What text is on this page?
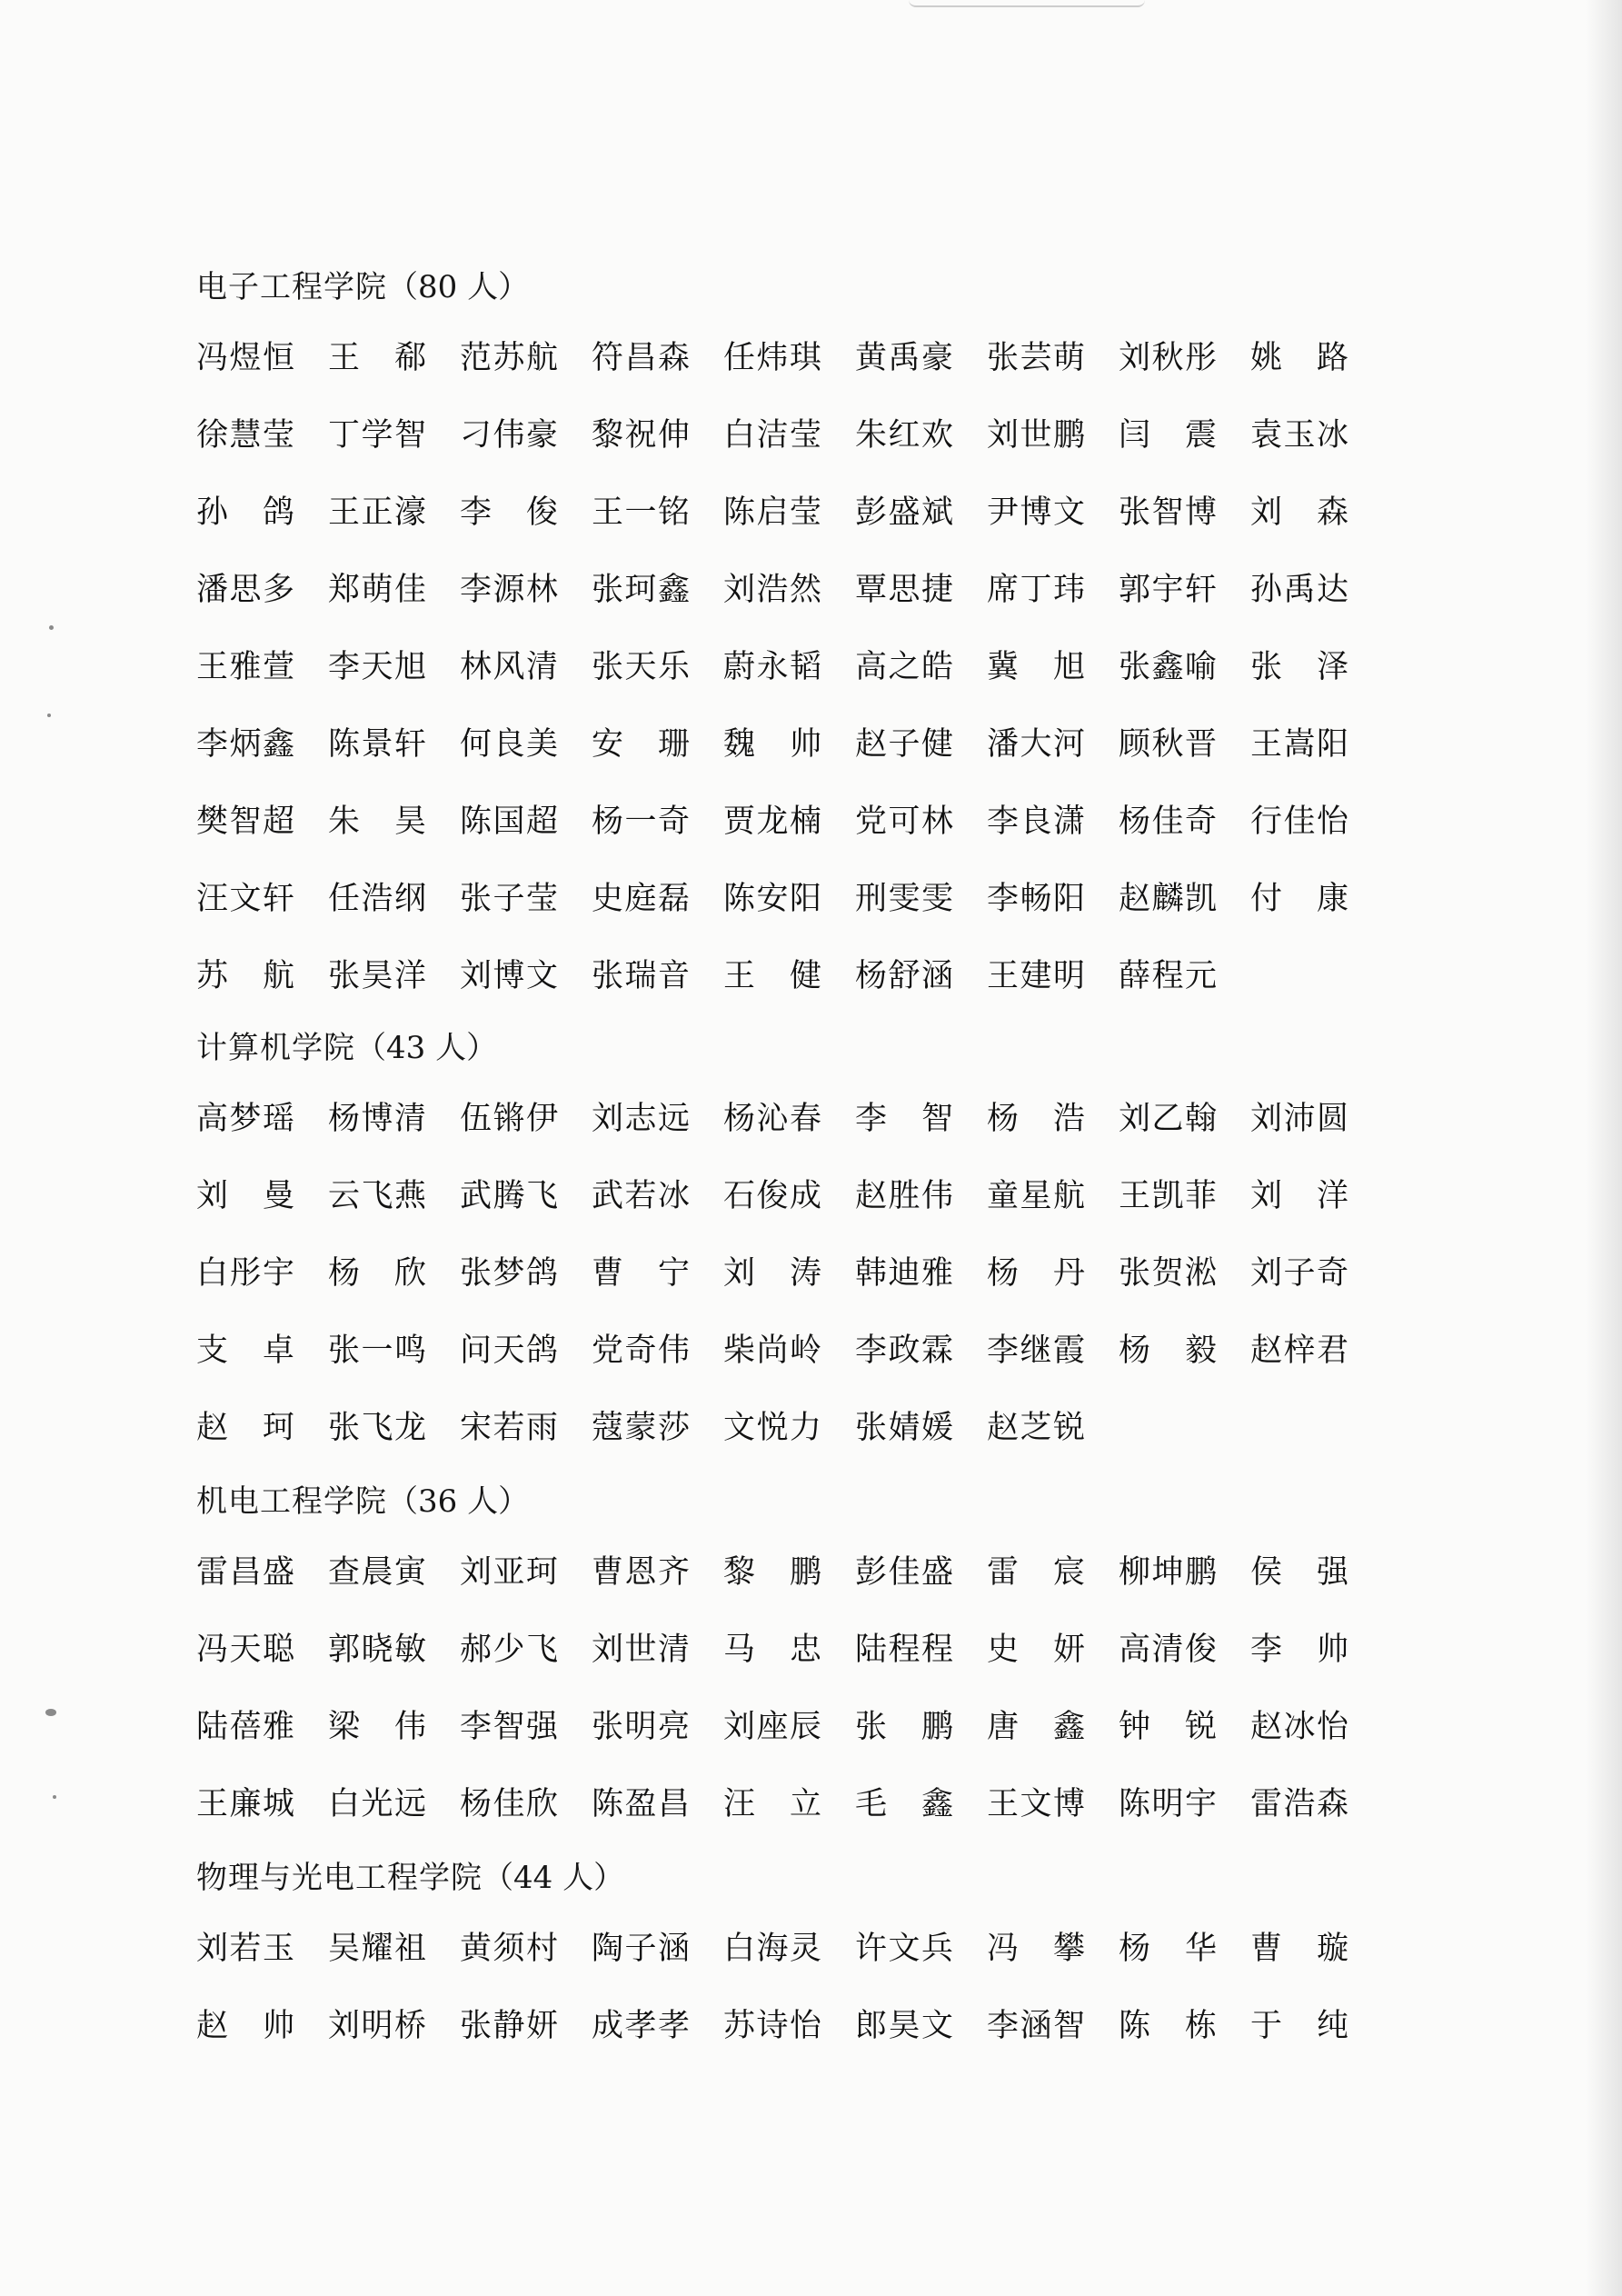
电子工程学院（80 人）
冯煜恒 王 郗 范苏航 符昌森 任炜琪 黄禹豪 张芸萌 刘秋彤 姚 路
徐慧莹 丁学智 刁伟豪 黎祝伸 白洁莹 朱红欢 刘世鹏 闫 震 袁玉冰
孙 鸽 王正濠 李 俊 王一铭 陈启莹 彭盛斌 尹博文 张智博 刘 森
潘思多 郑萌佳 李源林 张珂鑫 刘浩然 覃思捷 席丁玮 郭宇轩 孙禹达
王雅萱 李天旭 林风清 张天乐 蔚永韬 高之皓 冀 旭 张鑫喻 张 泽
李炳鑫 陈景轩 何良美 安 珊 魏 帅 赵子健 潘大河 顾秋晋 王嵩阳
樊智超 朱 昊 陈国超 杨一奇 贾龙楠 党可林 李良潇 杨佳奇 行佳怡
汪文轩 任浩纲 张子莹 史庭磊 陈安阳 刑雯雯 李畅阳 赵麟凯 付 康
苏 航 张昊洋 刘博文 张瑞音 王 健 杨舒涵 王建明 薛程元
计算机学院（43 人）
高梦瑶 杨博清 伍锵伊 刘志远 杨沁春 李 智 杨 浩 刘乙翰 刘沛圆
刘 曼 云飞燕 武腾飞 武若冰 石俊成 赵胜伟 童星航 王凯菲 刘 洋
白彤宇 杨 欣 张梦鸽 曹 宁 刘 涛 韩迪雅 杨 丹 张贺淞 刘子奇
支 卓 张一鸣 问天鸽 党奇伟 柴尚岭 李政霖 李继霞 杨 毅 赵梓君
赵 珂 张飞龙 宋若雨 蔻蒙莎 文悦力 张婧媛 赵芝锐
机电工程学院（36 人）
雷昌盛 查晨寅 刘亚珂 曹恩齐 黎 鹏 彭佳盛 雷 宸 柳坤鹏 侯 强
冯天聪 郭晓敏 郝少飞 刘世清 马 忠 陆程程 史 妍 高清俊 李 帅
陆蓓雅 梁 伟 李智强 张明亮 刘座辰 张 鹏 唐 鑫 钟 锐 赵冰怡
王廉城 白光远 杨佳欣 陈盈昌 汪 立 毛 鑫 王文博 陈明宇 雷浩森
物理与光电工程学院（44 人）
刘若玉 吴耀祖 黄须村 陶子涵 白海灵 许文兵 冯 攀 杨 华 曹 璇
赵 帅 刘明桥 张静妍 成孝孝 苏诗怡 郎昊文 李涵智 陈 栋 于 纯
